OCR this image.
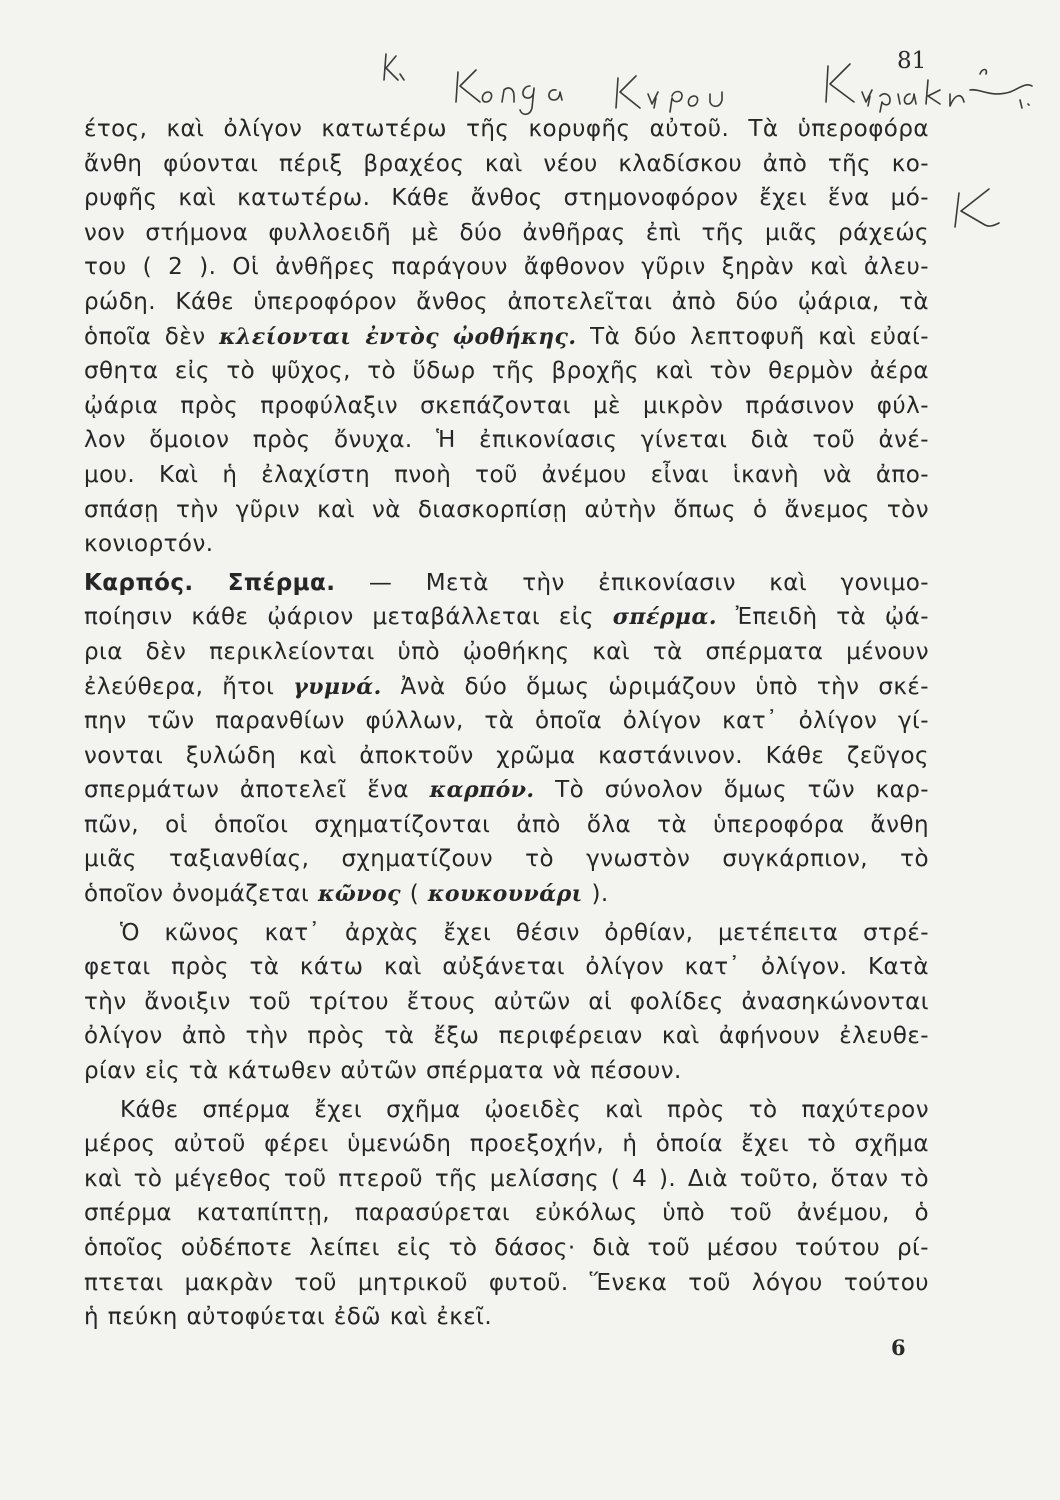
81

έτος, καὶ ὀλίγον κατωτέρω τῆς κορυφῆς αὐτοῦ. Τὰ ὑπεροφόρα

ἄνθη φύονται πέριξ βραχέος καὶ νέου κλαδίσκου ἀπὸ τῆς κο-

ρυφῆς καὶ κατωτέρω. Κάθε ἄνθος στημονοφόρον ἔχει ἕνα μό-

νον στήμονα φυλλοειδῆ μὲ δύο ἀνθῆρας ἐπὶ τῆς μιᾶς ράχεώς

του ( 2 ). Οἱ ἀνθῆρες παράγουν ἄφθονον γῦριν ξηρὰν καὶ ἀλευ-

ρώδη. Κάθε ὑπεροφόρον ἄνθος ἀποτελεῖται ἀπὸ δύο ᾠάρια, τὰ

ὁποῖα δὲν κλείονται ἐντὸς ᾠοθήκης. Τὰ δύο λεπτοφυῆ καὶ εὐαί-

σθητα εἰς τὸ ψῦχος, τὸ ὕδωρ τῆς βροχῆς καὶ τὸν θερμὸν ἀέρα

ᾠάρια πρὸς προφύλαξιν σκεπάζονται μὲ μικρὸν πράσινον φύλ-

λον ὅμοιον πρὸς ὄνυχα. Ἡ ἐπικονίασις γίνεται διὰ τοῦ ἀνέ-

μου. Καὶ ἡ ἐλαχίστη πνοὴ τοῦ ἀνέμου εἶναι ἱκανὴ νὰ ἀπο-

σπάσῃ τὴν γῦριν καὶ νὰ διασκορπίσῃ αὐτὴν ὅπως ὁ ἄνεμος τὸν

κονιορτόν.

Καρπός. Σπέρμα. — Μετὰ τὴν ἐπικονίασιν καὶ γονιμο-

ποίησιν κάθε ᾠάριον μεταβάλλεται εἰς σπέρμα. Ἐπειδὴ τὰ ᾠά-

ρια δὲν περικλείονται ὑπὸ ᾠοθήκης καὶ τὰ σπέρματα μένουν

ἐλεύθερα, ἤτοι γυμνά. Ἀνὰ δύο ὅμως ὡριμάζουν ὑπὸ τὴν σκέ-

πην τῶν παρανθίων φύλλων, τὰ ὁποῖα ὀλίγον κατ᾽ ὀλίγον γί-

νονται ξυλώδη καὶ ἀποκτοῦν χρῶμα καστάνινον. Κάθε ζεῦγος

σπερμάτων ἀποτελεῖ ἕνα καρπόν. Τὸ σύνολον ὅμως τῶν καρ-

πῶν, οἱ ὁποῖοι σχηματίζονται ἀπὸ ὅλα τὰ ὑπεροφόρα ἄνθη

μιᾶς ταξιανθίας, σχηματίζουν τὸ γνωστὸν συγκάρπιον, τὸ

ὁποῖον ὀνομάζεται κῶνος ( κουκουνάρι ).

Ὁ κῶνος κατ᾽ ἀρχὰς ἔχει θέσιν ὀρθίαν, μετέπειτα στρέ-

φεται πρὸς τὰ κάτω καὶ αὐξάνεται ὀλίγον κατ᾽ ὀλίγον. Κατὰ

τὴν ἄνοιξιν τοῦ τρίτου ἔτους αὐτῶν αἱ φολίδες ἀνασηκώνονται

ὀλίγον ἀπὸ τὴν πρὸς τὰ ἔξω περιφέρειαν καὶ ἀφήνουν ἐλευθε-

ρίαν εἰς τὰ κάτωθεν αὐτῶν σπέρματα νὰ πέσουν.

Κάθε σπέρμα ἔχει σχῆμα ᾠοειδὲς καὶ πρὸς τὸ παχύτερον

μέρος αὐτοῦ φέρει ὑμενώδη προεξοχήν, ἡ ὁποία ἔχει τὸ σχῆμα

καὶ τὸ μέγεθος τοῦ πτεροῦ τῆς μελίσσης ( 4 ). Διὰ τοῦτο, ὅταν τὸ

σπέρμα καταπίπτῃ, παρασύρεται εὐκόλως ὑπὸ τοῦ ἀνέμου, ὁ

ὁποῖος οὐδέποτε λείπει εἰς τὸ δάσος· διὰ τοῦ μέσου τούτου ρί-

πτεται μακρὰν τοῦ μητρικοῦ φυτοῦ. Ἕνεκα τοῦ λόγου τούτου

ἡ πεύκη αὐτοφύεται ἐδῶ καὶ ἐκεῖ.

6
